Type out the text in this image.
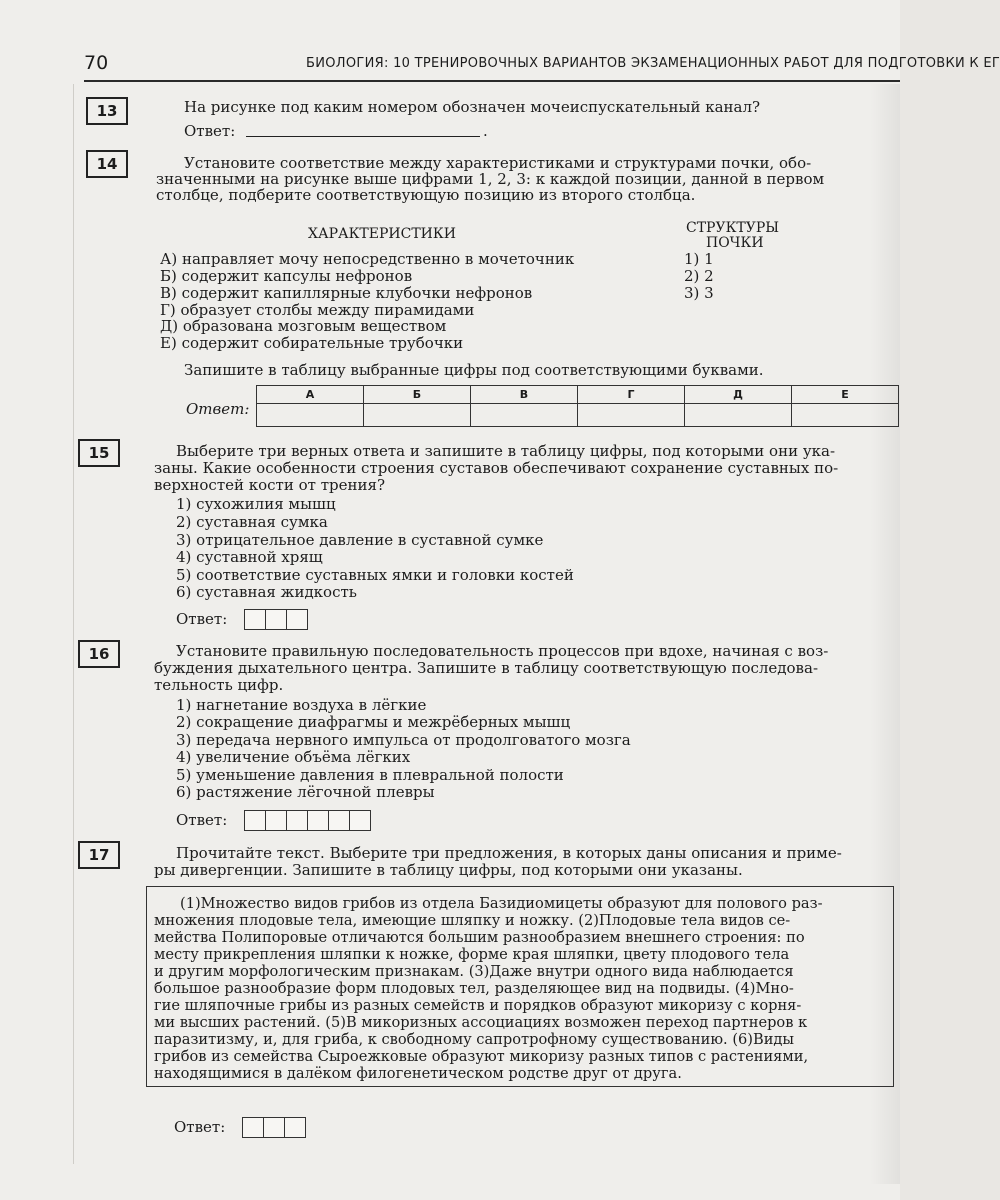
70	БИОЛОГИЯ: 10 ТРЕНИРОВОЧНЫХ ВАРИАНТОВ ЭКЗАМЕНАЦИОННЫХ РАБОТ ДЛЯ ПОДГОТОВКИ К ЕГ
13	На рисунке под каким номером обозначен мочеиспускательный канал?
Ответ:	.
14	Установите соответствие между характеристиками и структурами почки, обо-
значенными на рисунке выше цифрами 1, 2, 3: к каждой позиции, данной в первом
столбце, подберите соответствующую позицию из второго столбца.
ХАРАКТЕРИСТИКИ	СТРУКТУРЫ
ПОЧКИ
А) направляет мочу непосредственно в мочеточник
Б) содержит капсулы нефронов
В) содержит капиллярные клубочки нефронов
Г) образует столбы между пирамидами
Д) образована мозговым веществом
Е) содержит собирательные трубочки
1) 1
2) 2
3) 3
Запишите в таблицу выбранные цифры под соответствующими буквами.
Ответ:
А	Б	В	Г	Д	Е

15	Выберите три верных ответа и запишите в таблицу цифры, под которыми они ука-
заны. Какие особенности строения суставов обеспечивают сохранение суставных по-
верхностей кости от трения?
1) сухожилия мышц
2) суставная сумка
3) отрицательное давление в суставной сумке
4) суставной хрящ
5) соответствие суставных ямки и головки костей
6) суставная жидкость
Ответ:
16	Установите правильную последовательность процессов при вдохе, начиная с воз-
буждения дыхательного центра. Запишите в таблицу соответствующую последова-
тельность цифр.
1) нагнетание воздуха в лёгкие
2) сокращение диафрагмы и межрёберных мышц
3) передача нервного импульса от продолговатого мозга
4) увеличение объёма лёгких
5) уменьшение давления в плевральной полости
6) растяжение лёгочной плевры
Ответ:
17	Прочитайте текст. Выберите три предложения, в которых даны описания и приме-
ры дивергенции. Запишите в таблицу цифры, под которыми они указаны.
(1)Множество видов грибов из отдела Базидиомицеты образуют для полового раз-
множения плодовые тела, имеющие шляпку и ножку. (2)Плодовые тела видов се-
мейства Полипоровые отличаются большим разнообразием внешнего строения: по
месту прикрепления шляпки к ножке, форме края шляпки, цвету плодового тела
и другим морфологическим признакам. (3)Даже внутри одного вида наблюдается
большое разнообразие форм плодовых тел, разделяющее вид на подвиды. (4)Мно-
гие шляпочные грибы из разных семейств и порядков образуют микоризу с корня-
ми высших растений. (5)В микоризных ассоциациях возможен переход партнеров к
паразитизму, и, для гриба, к свободному сапротрофному существованию. (6)Виды
грибов из семейства Сыроежковые образуют микоризу разных типов с растениями,
находящимися в далёком филогенетическом родстве друг от друга.
Ответ:
